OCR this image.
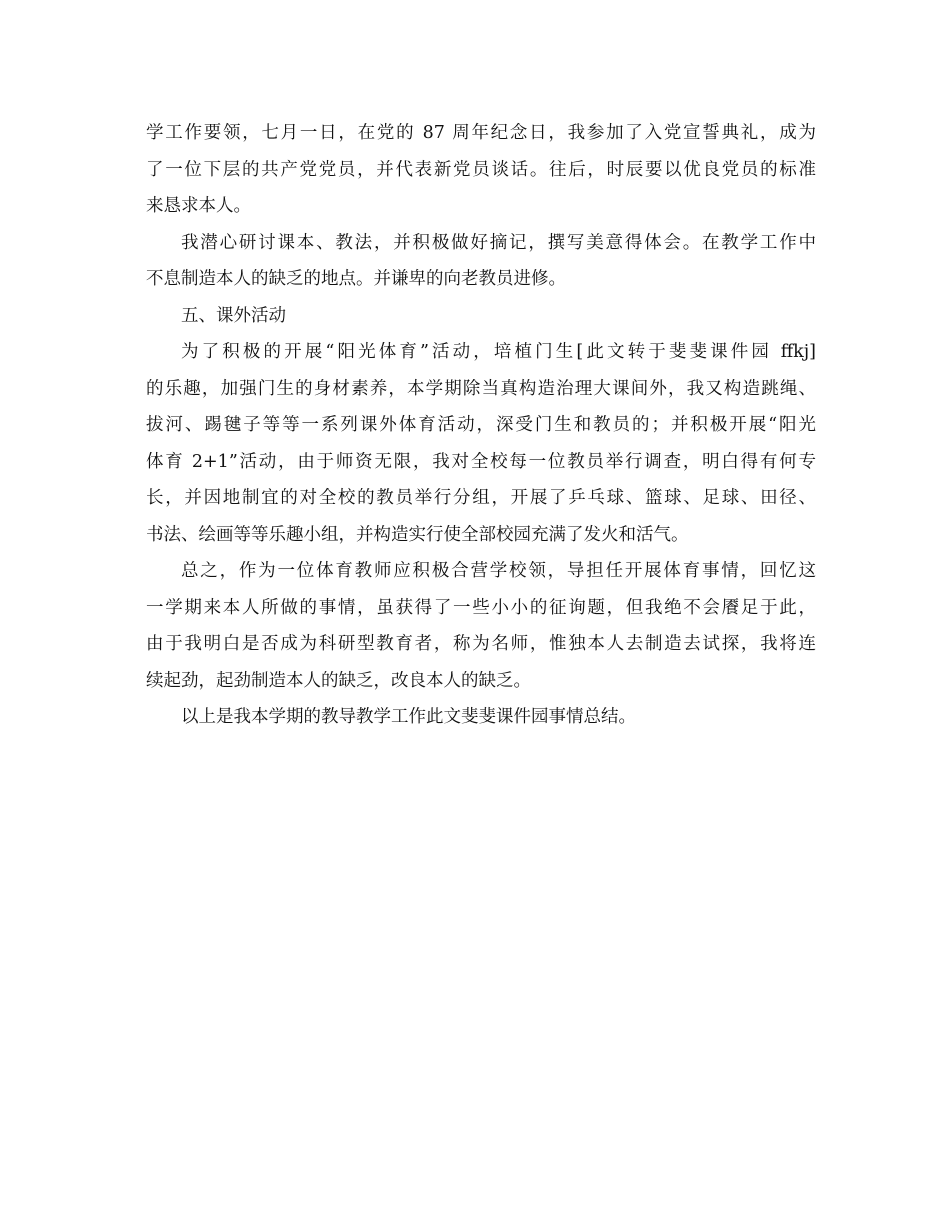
学工作要领，七月一日，在党的 87 周年纪念日，我参加了入党宣誓典礼，成为
了一位下层的共产党党员，并代表新党员谈话。往后，时辰要以优良党员的标准
来恳求本人。
我潜心研讨课本、教法，并积极做好摘记，撰写美意得体会。在教学工作中
不息制造本人的缺乏的地点。并谦卑的向老教员进修。
五、课外活动
为了积极的开展“阳光体育”活动，培植门生[此文转于斐斐课件园 ffkj]
的乐趣，加强门生的身材素养，本学期除当真构造治理大课间外，我又构造跳绳、
拔河、踢毽子等等一系列课外体育活动，深受门生和教员的；并积极开展“阳光
体育 2+1”活动，由于师资无限，我对全校每一位教员举行调查，明白得有何专
长，并因地制宜的对全校的教员举行分组，开展了乒乓球、篮球、足球、田径、
书法、绘画等等乐趣小组，并构造实行使全部校园充满了发火和活气。
总之，作为一位体育教师应积极合营学校领，导担任开展体育事情，回忆这
一学期来本人所做的事情，虽获得了一些小小的征询题，但我绝不会餍足于此，
由于我明白是否成为科研型教育者，称为名师，惟独本人去制造去试探，我将连
续起劲，起劲制造本人的缺乏，改良本人的缺乏。
以上是我本学期的教导教学工作此文斐斐课件园事情总结。
